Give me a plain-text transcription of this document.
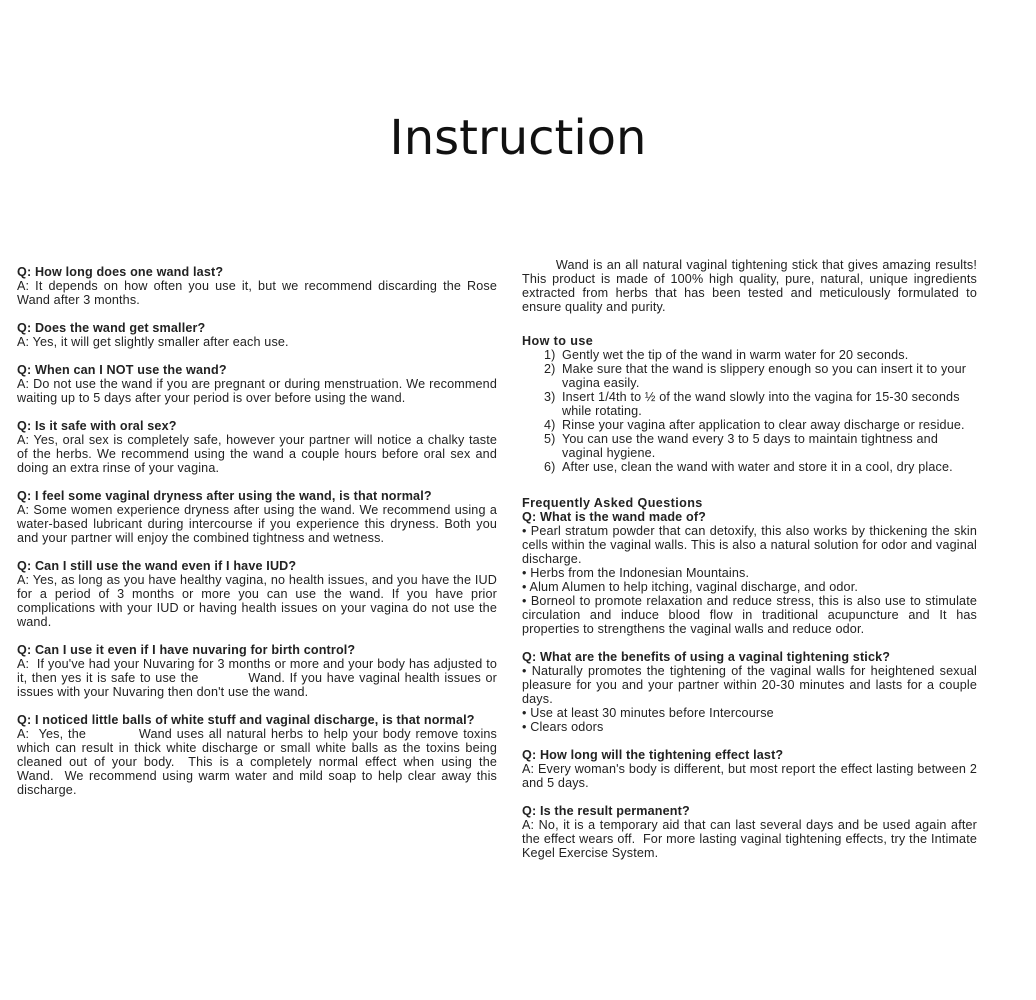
Instruction
Q: How long does one wand last?
A: It depends on how often you use it, but we recommend discarding the Rose Wand after 3 months.
Q: Does the wand get smaller?
A: Yes, it will get slightly smaller after each use.
Q: When can I NOT use the wand?
A: Do not use the wand if you are pregnant or during menstruation. We recommend waiting up to 5 days after your period is over before using the wand.
Q: Is it safe with oral sex?
A: Yes, oral sex is completely safe, however your partner will notice a chalky taste of the herbs. We recommend using the wand a couple hours before oral sex and doing an extra rinse of your vagina.
Q: I feel some vaginal dryness after using the wand, is that normal?
A: Some women experience dryness after using the wand. We recommend using a water-based lubricant during intercourse if you experience this dryness. Both you and your partner will enjoy the combined tightness and wetness.
Q: Can I still use the wand even if I have IUD?
A: Yes, as long as you have healthy vagina, no health issues, and you have the IUD for a period of 3 months or more you can use the wand. If you have prior complications with your IUD or having health issues on your vagina do not use the wand.
Q: Can I use it even if I have nuvaring for birth control?
A:  If you've had your Nuvaring for 3 months or more and your body has adjusted to it, then yes it is safe to use the           Wand. If you have vaginal health issues or issues with your Nuvaring then don't use the wand.
Q: I noticed little balls of white stuff and vaginal discharge, is that normal?
A:  Yes, the           Wand uses all natural herbs to help your body remove toxins which can result in thick white discharge or small white balls as the toxins being cleaned out of your body.  This is a completely normal effect when using the           Wand.  We recommend using warm water and mild soap to help clear away this discharge.
Wand is an all natural vaginal tightening stick that gives amazing results! This product is made of 100% high quality, pure, natural, unique ingredients extracted from herbs that has been tested and meticulously formulated to ensure quality and purity.
How to use
1) Gently wet the tip of the wand in warm water for 20 seconds.
2) Make sure that the wand is slippery enough so you can insert it to your vagina easily.
3) Insert 1/4th to ½ of the wand slowly into the vagina for 15-30 seconds while rotating.
4) Rinse your vagina after application to clear away discharge or residue.
5) You can use the wand every 3 to 5 days to maintain tightness and vaginal hygiene.
6) After use, clean the wand with water and store it in a cool, dry place.
Frequently Asked Questions
Q: What is the wand made of?
• Pearl stratum powder that can detoxify, this also works by thickening the skin cells within the vaginal walls. This is also a natural solution for odor and vaginal discharge.
• Herbs from the Indonesian Mountains.
• Alum Alumen to help itching, vaginal discharge, and odor.
• Borneol to promote relaxation and reduce stress, this is also use to stimulate circulation and induce blood flow in traditional acupuncture and It has properties to strengthens the vaginal walls and reduce odor.
Q: What are the benefits of using a vaginal tightening stick?
• Naturally promotes the tightening of the vaginal walls for heightened sexual pleasure for you and your partner within 20-30 minutes and lasts for a couple days.
• Use at least 30 minutes before Intercourse
• Clears odors
Q: How long will the tightening effect last?
A: Every woman's body is different, but most report the effect lasting between 2 and 5 days.
Q: Is the result permanent?
A: No, it is a temporary aid that can last several days and be used again after the effect wears off.  For more lasting vaginal tightening effects, try the Intimate          Kegel Exercise System.
